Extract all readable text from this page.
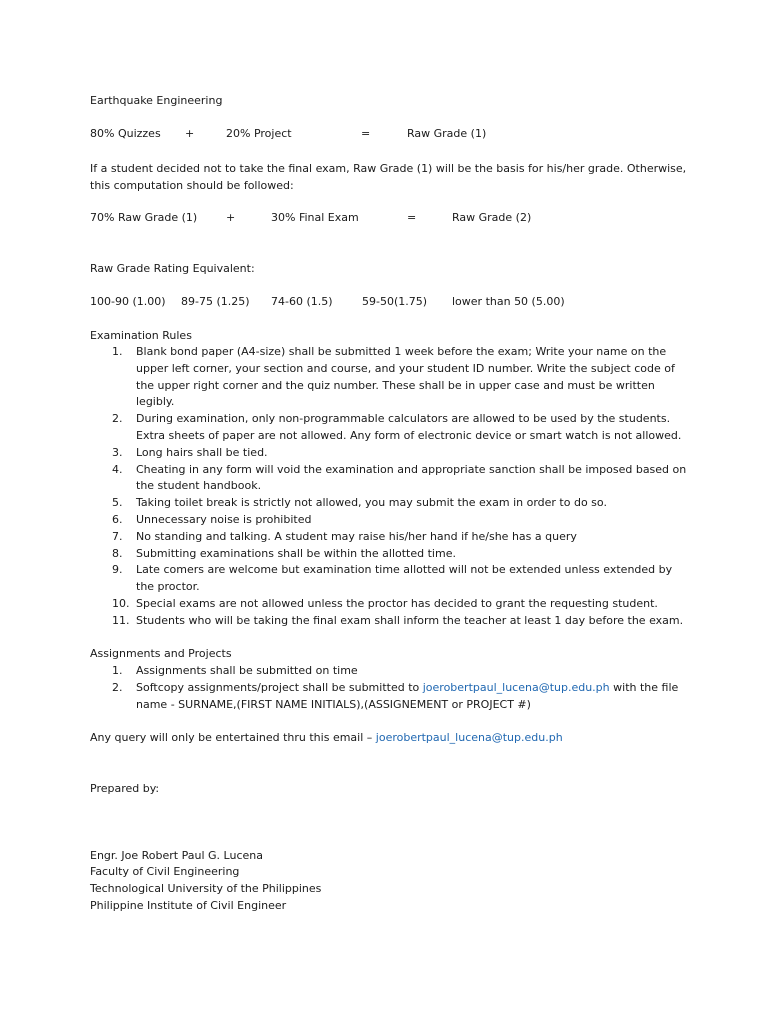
Earthquake Engineering
80% Quizzes +	20% Project	=	Raw Grade (1)
If a student decided not to take the final exam, Raw Grade (1) will be the basis for his/her grade. Otherwise,
this computation should be followed:
70% Raw Grade (1)	+	30% Final Exam	=	Raw Grade (2)
Raw Grade Rating Equivalent:
100-90 (1.00) 89-75 (1.25) 74-60 (1.5)	59-50(1.75) lower than 50 (5.00)
Examination Rules
1. Blank bond paper (A4-size) shall be submitted 1 week before the exam; Write your name on the
upper left corner, your section and course, and your student ID number. Write the subject code of
the upper right corner and the quiz number. These shall be in upper case and must be written
legibly.
2. During examination, only non-programmable calculators are allowed to be used by the students.
Extra sheets of paper are not allowed. Any form of electronic device or smart watch is not allowed.
3. Long hairs shall be tied.
4. Cheating in any form will void the examination and appropriate sanction shall be imposed based on
the student handbook.
5. Taking toilet break is strictly not allowed, you may submit the exam in order to do so.
6. Unnecessary noise is prohibited
7. No standing and talking. A student may raise his/her hand if he/she has a query
8. Submitting examinations shall be within the allotted time.
9. Late comers are welcome but examination time allotted will not be extended unless extended by
the proctor.
10. Special exams are not allowed unless the proctor has decided to grant the requesting student.
11. Students who will be taking the final exam shall inform the teacher at least 1 day before the exam.
Assignments and Projects
1. Assignments shall be submitted on time
2. Softcopy assignments/project shall be submitted to joerobertpaul_lucena@tup.edu.ph with the file
name - SURNAME,(FIRST NAME INITIALS),(ASSIGNEMENT or PROJECT #)
Any query will only be entertained thru this email – joerobertpaul_lucena@tup.edu.ph
Prepared by:
Engr. Joe Robert Paul G. Lucena
Faculty of Civil Engineering
Technological University of the Philippines
Philippine Institute of Civil Engineer
